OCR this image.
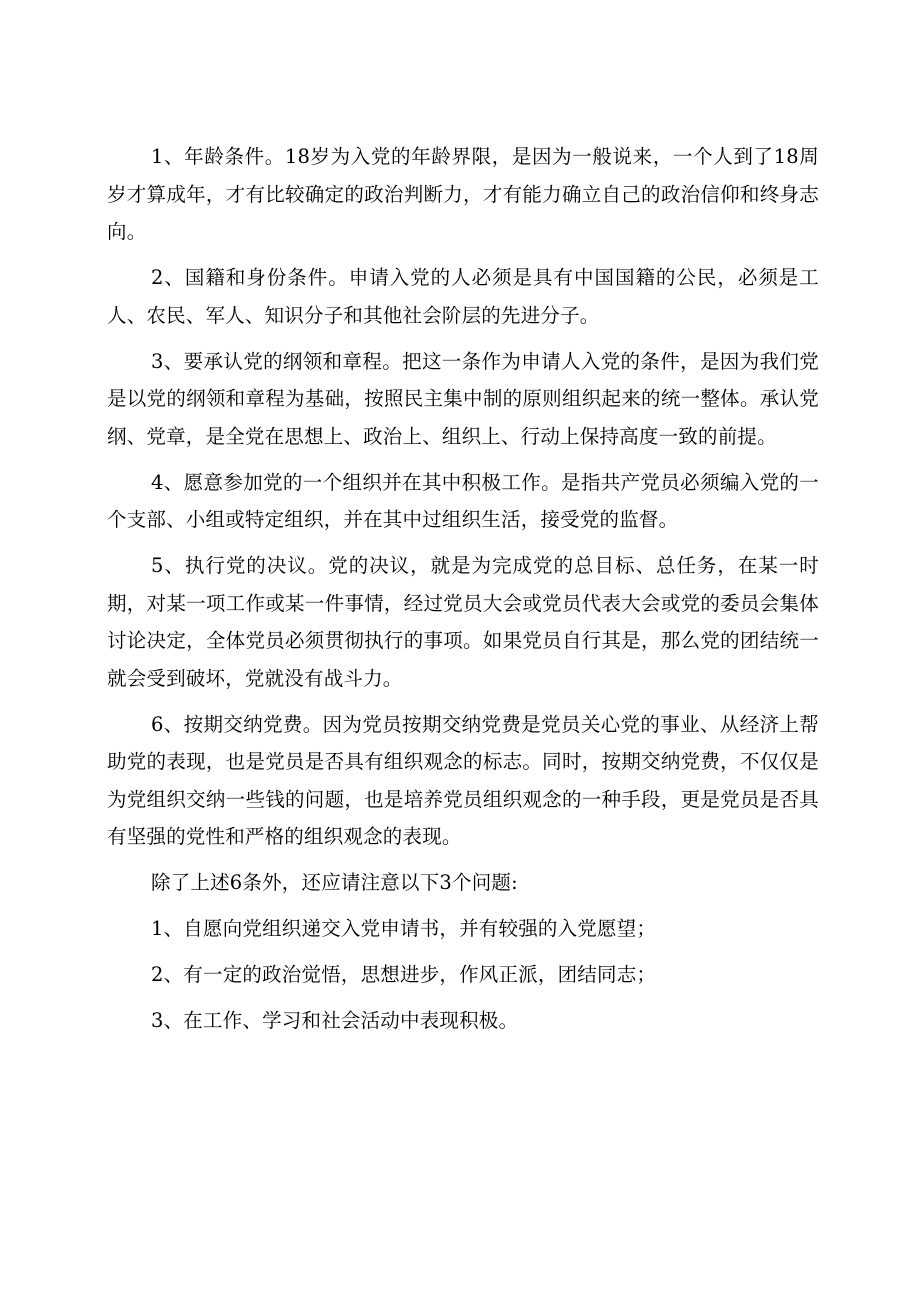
1、年龄条件。18岁为入党的年龄界限，是因为一般说来，一个人到了18周岁才算成年，才有比较确定的政治判断力，才有能力确立自己的政治信仰和终身志向。

2、国籍和身份条件。申请入党的人必须是具有中国国籍的公民，必须是工人、农民、军人、知识分子和其他社会阶层的先进分子。

3、要承认党的纲领和章程。把这一条作为申请人入党的条件，是因为我们党是以党的纲领和章程为基础，按照民主集中制的原则组织起来的统一整体。承认党纲、党章，是全党在思想上、政治上、组织上、行动上保持高度一致的前提。

4、愿意参加党的一个组织并在其中积极工作。是指共产党员必须编入党的一个支部、小组或特定组织，并在其中过组织生活，接受党的监督。

5、执行党的决议。党的决议，就是为完成党的总目标、总任务，在某一时期，对某一项工作或某一件事情，经过党员大会或党员代表大会或党的委员会集体讨论决定，全体党员必须贯彻执行的事项。如果党员自行其是，那么党的团结统一就会受到破坏，党就没有战斗力。

6、按期交纳党费。因为党员按期交纳党费是党员关心党的事业、从经济上帮助党的表现，也是党员是否具有组织观念的标志。同时，按期交纳党费，不仅仅是为党组织交纳一些钱的问题，也是培养党员组织观念的一种手段，更是党员是否具有坚强的党性和严格的组织观念的表现。

除了上述6条外，还应请注意以下3个问题:

1、自愿向党组织递交入党申请书，并有较强的入党愿望；

2、有一定的政治觉悟，思想进步，作风正派，团结同志；

3、在工作、学习和社会活动中表现积极。
